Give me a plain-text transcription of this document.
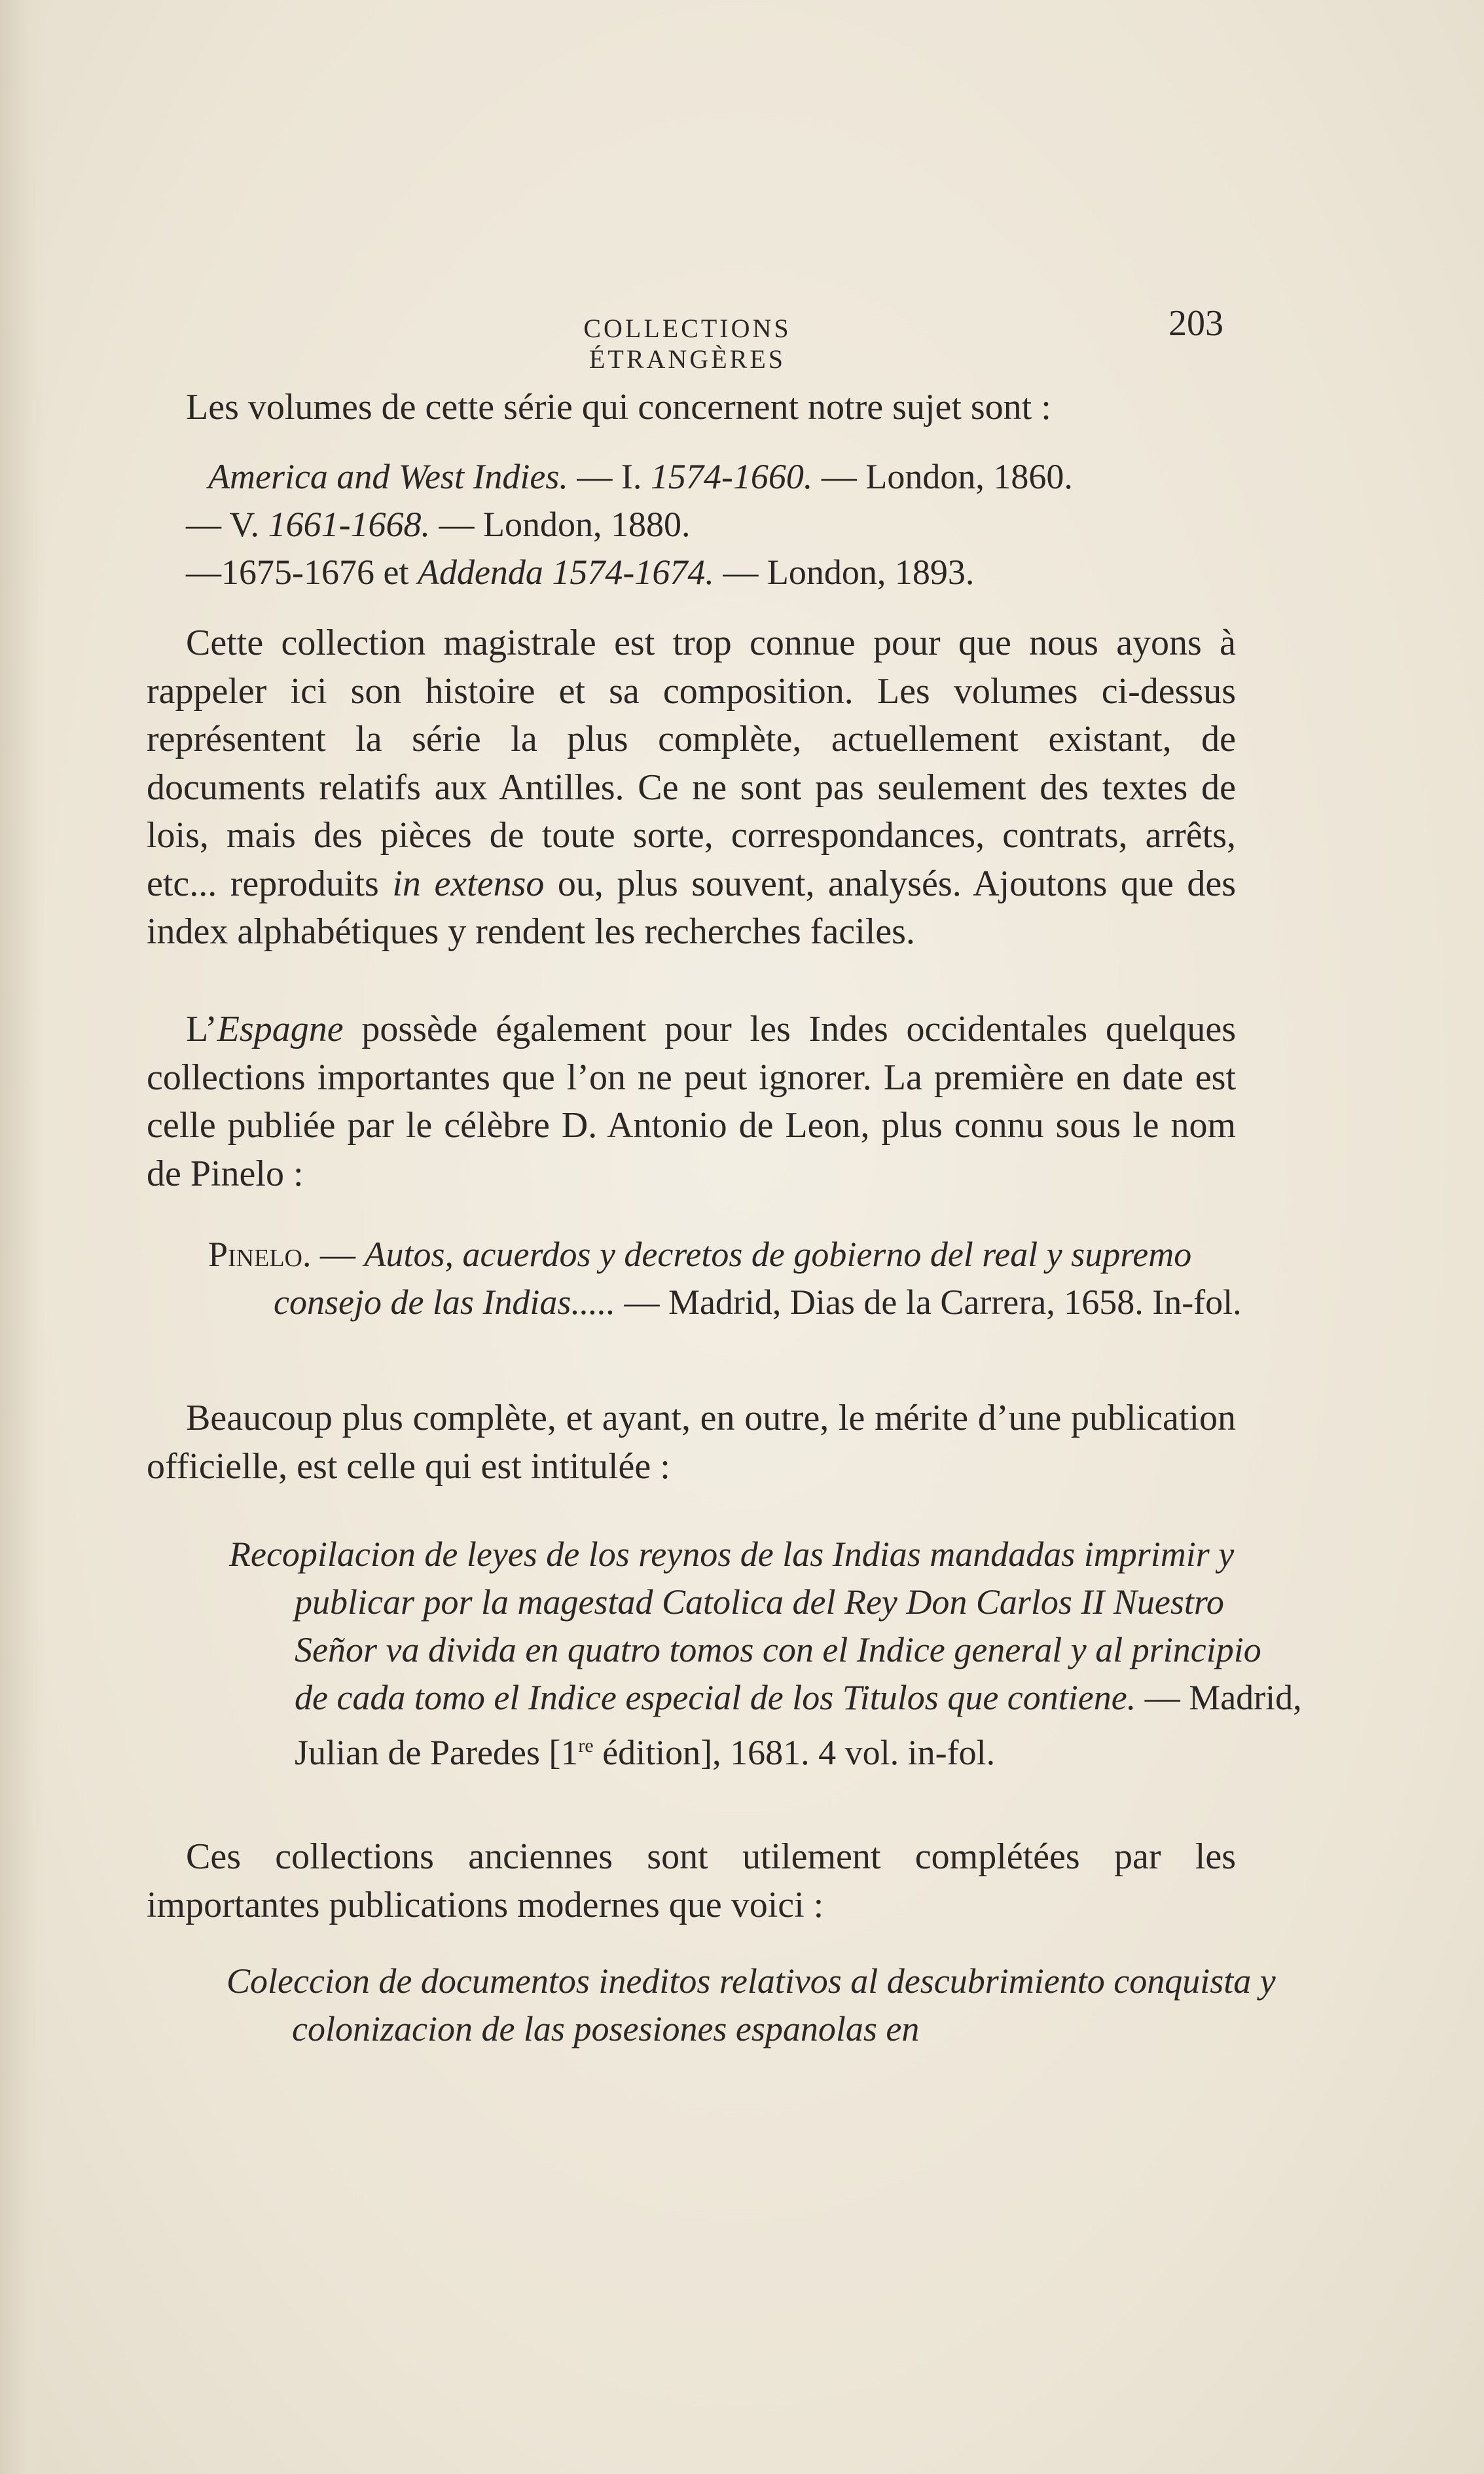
COLLECTIONS ÉTRANGÈRES
203
Les volumes de cette série qui concernent notre sujet sont :
America and West Indies. — I. 1574-1660. — London, 1860.
— V. 1661-1668. — London, 1880.
—1675-1676 et Addenda 1574-1674. — London, 1893.
Cette collection magistrale est trop connue pour que nous ayons à rappeler ici son histoire et sa composition. Les volumes ci-dessus représentent la série la plus complète, actuellement existant, de documents relatifs aux Antilles. Ce ne sont pas seulement des textes de lois, mais des pièces de toute sorte, correspondances, contrats, arrêts, etc... reproduits in extenso ou, plus souvent, analysés. Ajoutons que des index alphabétiques y rendent les recherches faciles.
L’Espagne possède également pour les Indes occidentales quelques collections importantes que l’on ne peut ignorer. La première en date est celle publiée par le célèbre D. Antonio de Leon, plus connu sous le nom de Pinelo :
Pinelo. — Autos, acuerdos y decretos de gobierno del real y supremo consejo de las Indias..... — Madrid, Dias de la Carrera, 1658. In-fol.
Beaucoup plus complète, et ayant, en outre, le mérite d’une publication officielle, est celle qui est intitulée :
Recopilacion de leyes de los reynos de las Indias mandadas imprimir y publicar por la magestad Catolica del Rey Don Carlos II Nuestro Señor va divida en quatro tomos con el Indice general y al principio de cada tomo el Indice especial de los Titulos que contiene. — Madrid, Julian de Paredes [1re édition], 1681. 4 vol. in-fol.
Ces collections anciennes sont utilement complétées par les importantes publications modernes que voici :
Coleccion de documentos ineditos relativos al descubrimiento conquista y colonizacion de las posesiones espanolas en
